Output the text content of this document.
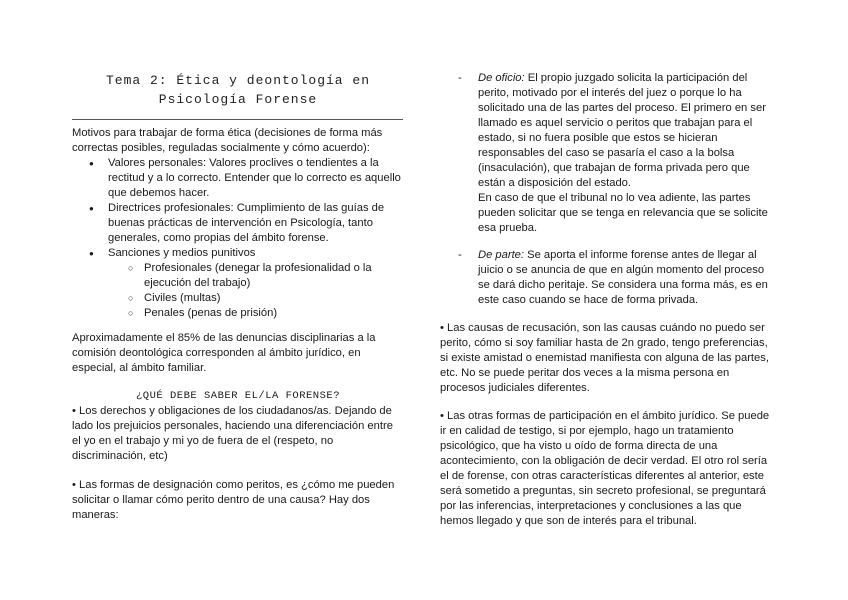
Tema 2: Ética y deontología en
Psicología Forense

Motivos para trabajar de forma ética (decisiones de forma más correctas posibles, reguladas socialmente y cómo acuerdo):

● Valores personales: Valores proclives o tendientes a la rectitud y a lo correcto. Entender que lo correcto es aquello que debemos hacer.
● Directrices profesionales: Cumplimiento de las guías de buenas prácticas de intervención en Psicología, tanto generales, como propias del ámbito forense.
● Sanciones y medios punitivos
○ Profesionales (denegar la profesionalidad o la ejecución del trabajo)
○ Civiles (multas)
○ Penales (penas de prisión)

Aproximadamente el 85% de las denuncias disciplinarias a la comisión deontológica corresponden al ámbito jurídico, en especial, al ámbito familiar.

¿QUÉ DEBE SABER EL/LA FORENSE?

• Los derechos y obligaciones de los ciudadanos/as. Dejando de lado los prejuicios personales, haciendo una diferenciación entre el yo en el trabajo y mi yo de fuera de el (respeto, no discriminación, etc)

• Las formas de designación como peritos, es ¿cómo me pueden solicitar o llamar cómo perito dentro de una causa? Hay dos maneras:

- De oficio: El propio juzgado solicita la participación del perito, motivado por el interés del juez o porque lo ha solicitado una de las partes del proceso. El primero en ser llamado es aquel servicio o peritos que trabajan para el estado, si no fuera posible que estos se hicieran responsables del caso se pasaría el caso a la bolsa (insaculación), que trabajan de forma privada pero que están a disposición del estado.
En caso de que el tribunal no lo vea adiente, las partes pueden solicitar que se tenga en relevancia que se solicite esa prueba.
- De parte: Se aporta el informe forense antes de llegar al juicio o se anuncia de que en algún momento del proceso se dará dicho peritaje. Se considera una forma más, es en este caso cuando se hace de forma privada.

• Las causas de recusación, son las causas cuándo no puedo ser perito, cómo si soy familiar hasta de 2n grado, tengo preferencias, si existe amistad o enemistad manifiesta con alguna de las partes, etc. No se puede peritar dos veces a la misma persona en procesos judiciales diferentes.

• Las otras formas de participación en el ámbito jurídico. Se puede ir en calidad de testigo, si por ejemplo, hago un tratamiento psicológico, que ha visto u oído de forma directa de una acontecimiento, con la obligación de decir verdad. El otro rol sería el de forense, con otras características diferentes al anterior, este será sometido a preguntas, sin secreto profesional, se preguntará por las inferencias, interpretaciones y conclusiones a las que hemos llegado y que son de interés para el tribunal.
